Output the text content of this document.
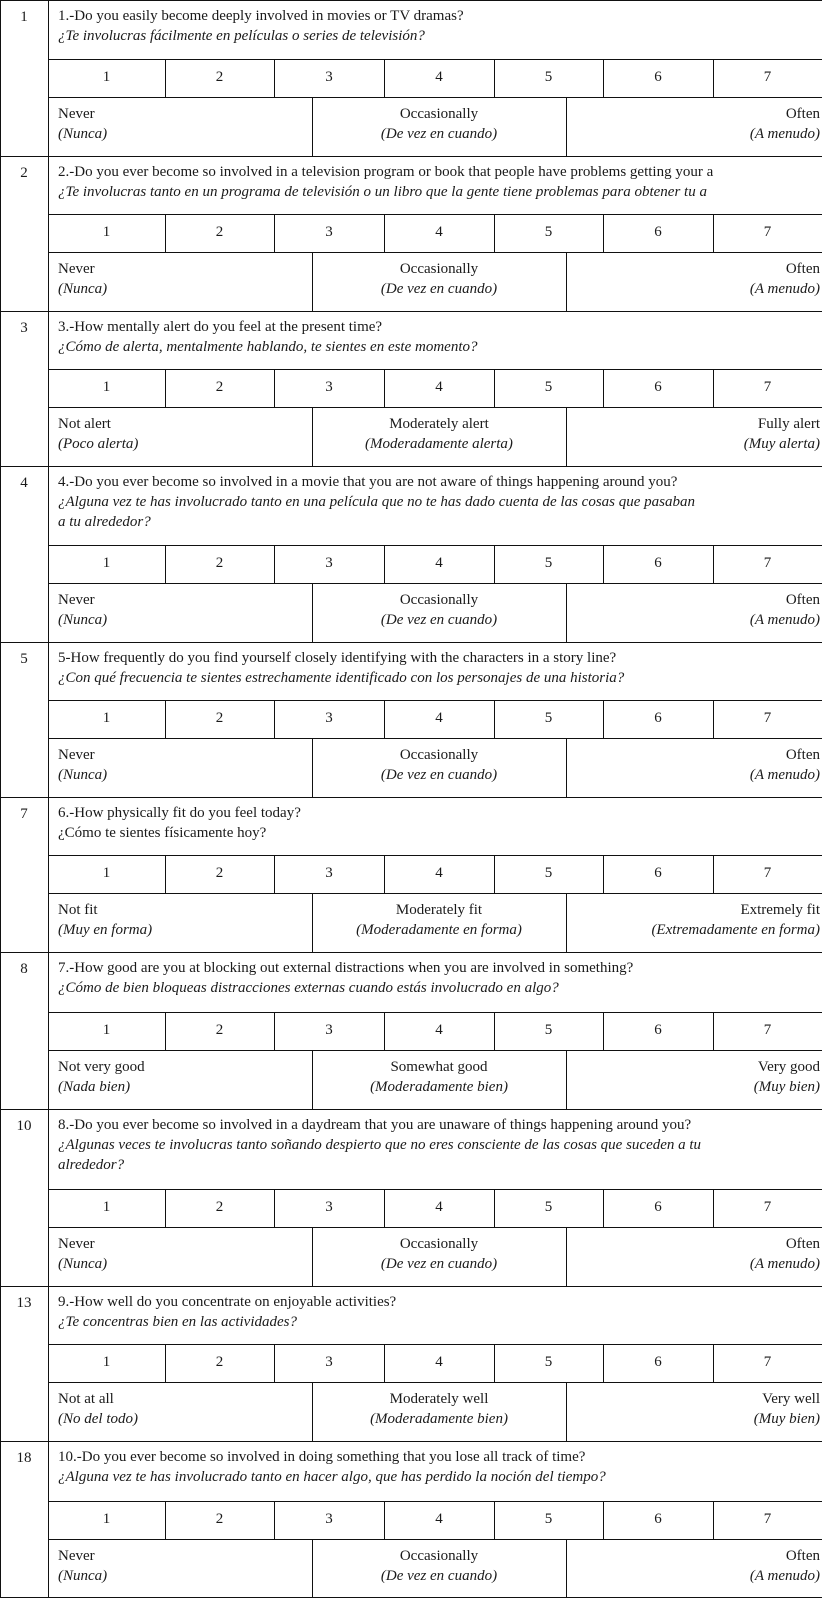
1	1.-Do you easily become deeply involved in movies or TV dramas?
¿Te involucras fácilmente en películas o series de televisión?
1	2	3	4	5	6	7
Never
(Nunca)
Occasionally
(De vez en cuando)
Often
(A menudo)
2	2.-Do you ever become so involved in a television program or book that people have problems getting your a
¿Te involucras tanto en un programa de televisión o un libro que la gente tiene problemas para obtener tu a
1	2	3	4	5	6	7
Never
(Nunca)
Occasionally
(De vez en cuando)
Often
(A menudo)
3	3.-How mentally alert do you feel at the present time?
¿Cómo de alerta, mentalmente hablando, te sientes en este momento?
1	2	3	4	5	6	7
Not alert
(Poco alerta)
Moderately alert
(Moderadamente alerta)
Fully alert
(Muy alerta)
4	4.-Do you ever become so involved in a movie that you are not aware of things happening around you?
¿Alguna vez te has involucrado tanto en una película que no te has dado cuenta de las cosas que pasaban
a tu alrededor?
1	2	3	4	5	6	7
Never
(Nunca)
Occasionally
(De vez en cuando)
Often
(A menudo)
5	5-How frequently do you find yourself closely identifying with the characters in a story line?
¿Con qué frecuencia te sientes estrechamente identificado con los personajes de una historia?
1	2	3	4	5	6	7
Never
(Nunca)
Occasionally
(De vez en cuando)
Often
(A menudo)
7	6.-How physically fit do you feel today?
¿Cómo te sientes físicamente hoy?
1	2	3	4	5	6	7
Not fit
(Muy en forma)
Moderately fit
(Moderadamente en forma)
Extremely fit
(Extremadamente en forma)
8	7.-How good are you at blocking out external distractions when you are involved in something?
¿Cómo de bien bloqueas distracciones externas cuando estás involucrado en algo?
1	2	3	4	5	6	7
Not very good
(Nada bien)
Somewhat good
(Moderadamente bien)
Very good
(Muy bien)
10	8.-Do you ever become so involved in a daydream that you are unaware of things happening around you?
¿Algunas veces te involucras tanto soñando despierto que no eres consciente de las cosas que suceden a tu
alrededor?
1	2	3	4	5	6	7
Never
(Nunca)
Occasionally
(De vez en cuando)
Often
(A menudo)
13	9.-How well do you concentrate on enjoyable activities?
¿Te concentras bien en las actividades?
1	2	3	4	5	6	7
Not at all
(No del todo)
Moderately well
(Moderadamente bien)
Very well
(Muy bien)
18	10.-Do you ever become so involved in doing something that you lose all track of time?
¿Alguna vez te has involucrado tanto en hacer algo, que has perdido la noción del tiempo?
1	2	3	4	5	6	7
Never
(Nunca)
Occasionally
(De vez en cuando)
Often
(A menudo)
